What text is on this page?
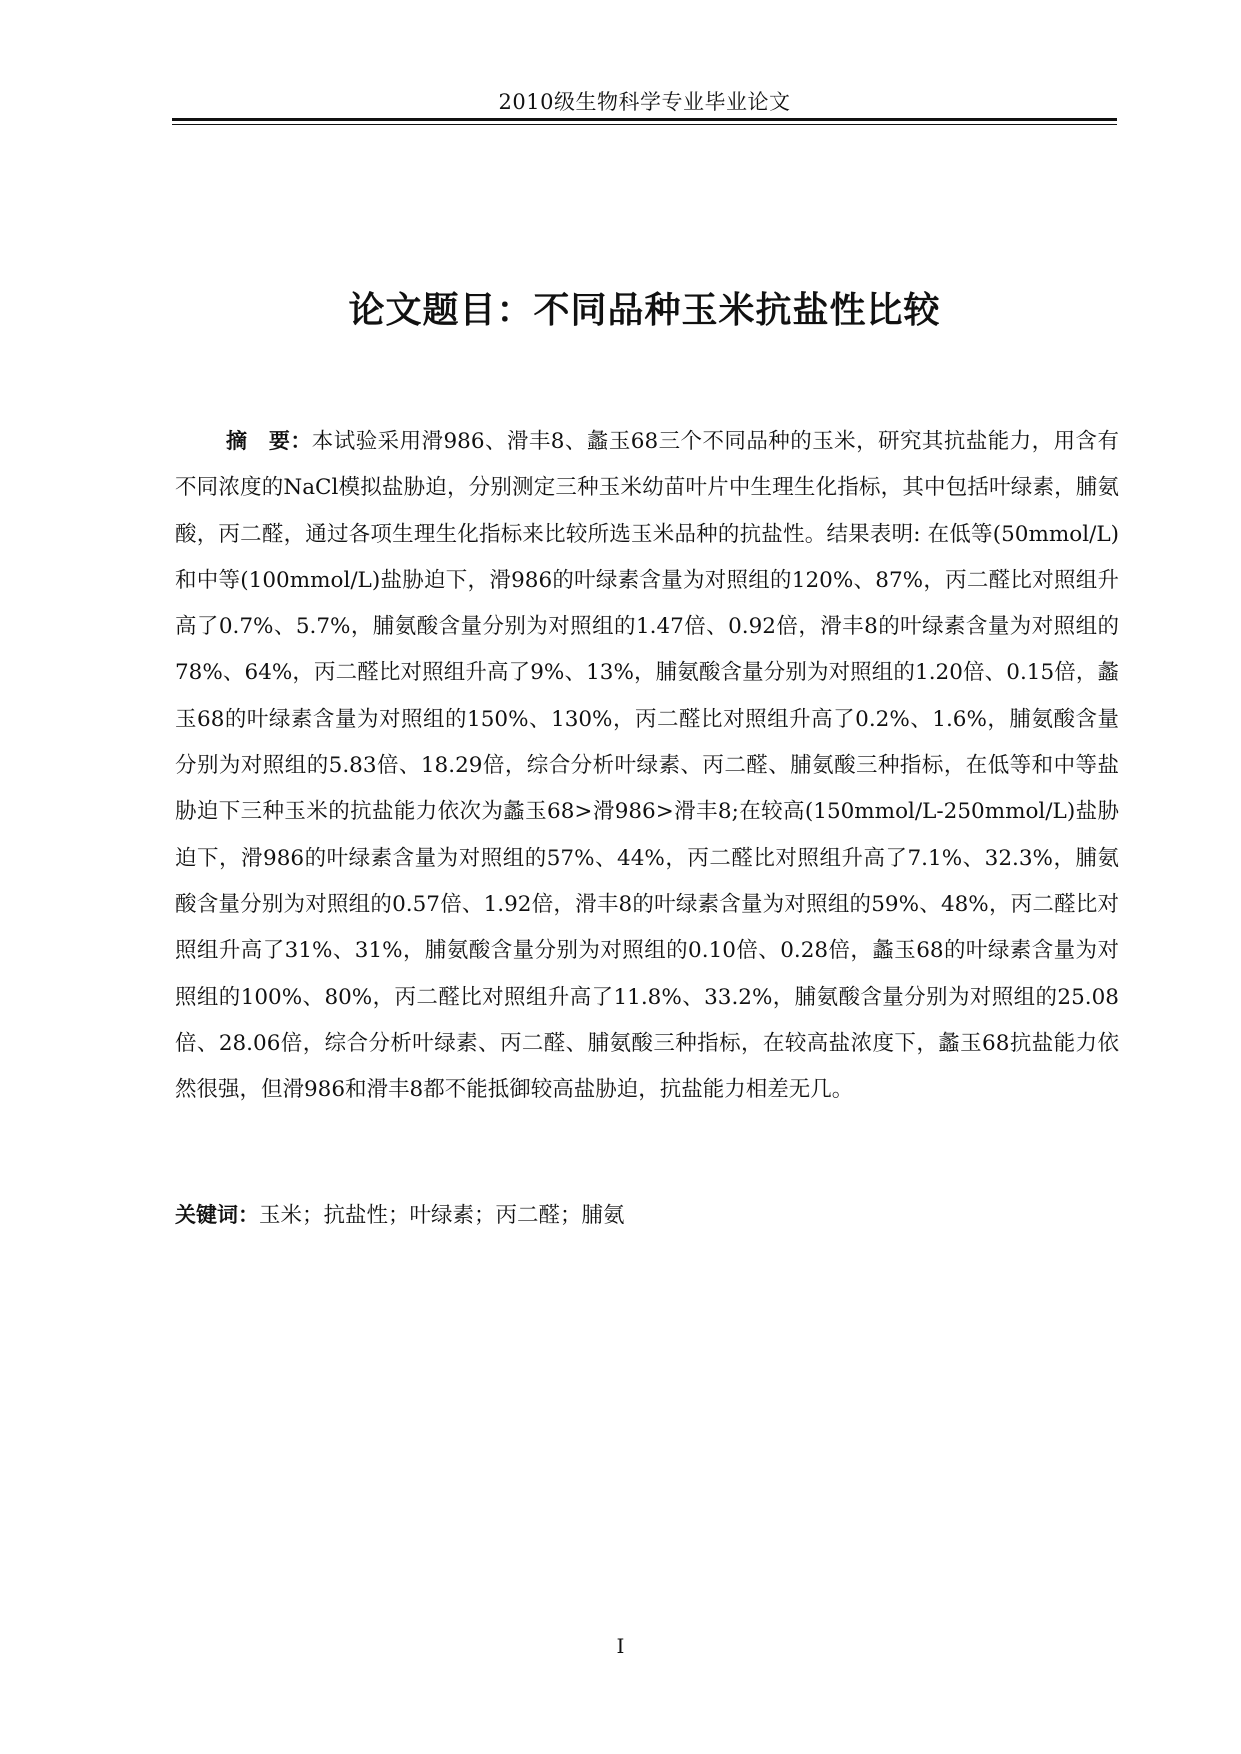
2010级生物科学专业毕业论文
论文题目：不同品种玉米抗盐性比较
摘　要：本试验采用滑986、滑丰8、蠡玉68三个不同品种的玉米，研究其抗盐能力，用含有不同浓度的NaCl模拟盐胁迫，分别测定三种玉米幼苗叶片中生理生化指标，其中包括叶绿素，脯氨酸，丙二醛，通过各项生理生化指标来比较所选玉米品种的抗盐性。结果表明: 在低等(50mmol/L)和中等(100mmol/L)盐胁迫下，滑986的叶绿素含量为对照组的120%、87%，丙二醛比对照组升高了0.7%、5.7%，脯氨酸含量分别为对照组的1.47倍、0.92倍，滑丰8的叶绿素含量为对照组的78%、64%，丙二醛比对照组升高了9%、13%，脯氨酸含量分别为对照组的1.20倍、0.15倍，蠡玉68的叶绿素含量为对照组的150%、130%，丙二醛比对照组升高了0.2%、1.6%，脯氨酸含量分别为对照组的5.83倍、18.29倍，综合分析叶绿素、丙二醛、脯氨酸三种指标，在低等和中等盐胁迫下三种玉米的抗盐能力依次为蠡玉68>滑986>滑丰8;在较高(150mmol/L-250mmol/L)盐胁迫下，滑986的叶绿素含量为对照组的57%、44%，丙二醛比对照组升高了7.1%、32.3%，脯氨酸含量分别为对照组的0.57倍、1.92倍，滑丰8的叶绿素含量为对照组的59%、48%，丙二醛比对照组升高了31%、31%，脯氨酸含量分别为对照组的0.10倍、0.28倍，蠡玉68的叶绿素含量为对照组的100%、80%，丙二醛比对照组升高了11.8%、33.2%，脯氨酸含量分别为对照组的25.08倍、28.06倍，综合分析叶绿素、丙二醛、脯氨酸三种指标，在较高盐浓度下，蠡玉68抗盐能力依然很强，但滑986和滑丰8都不能抵御较高盐胁迫，抗盐能力相差无几。
关键词：玉米；抗盐性；叶绿素；丙二醛；脯氨
I
